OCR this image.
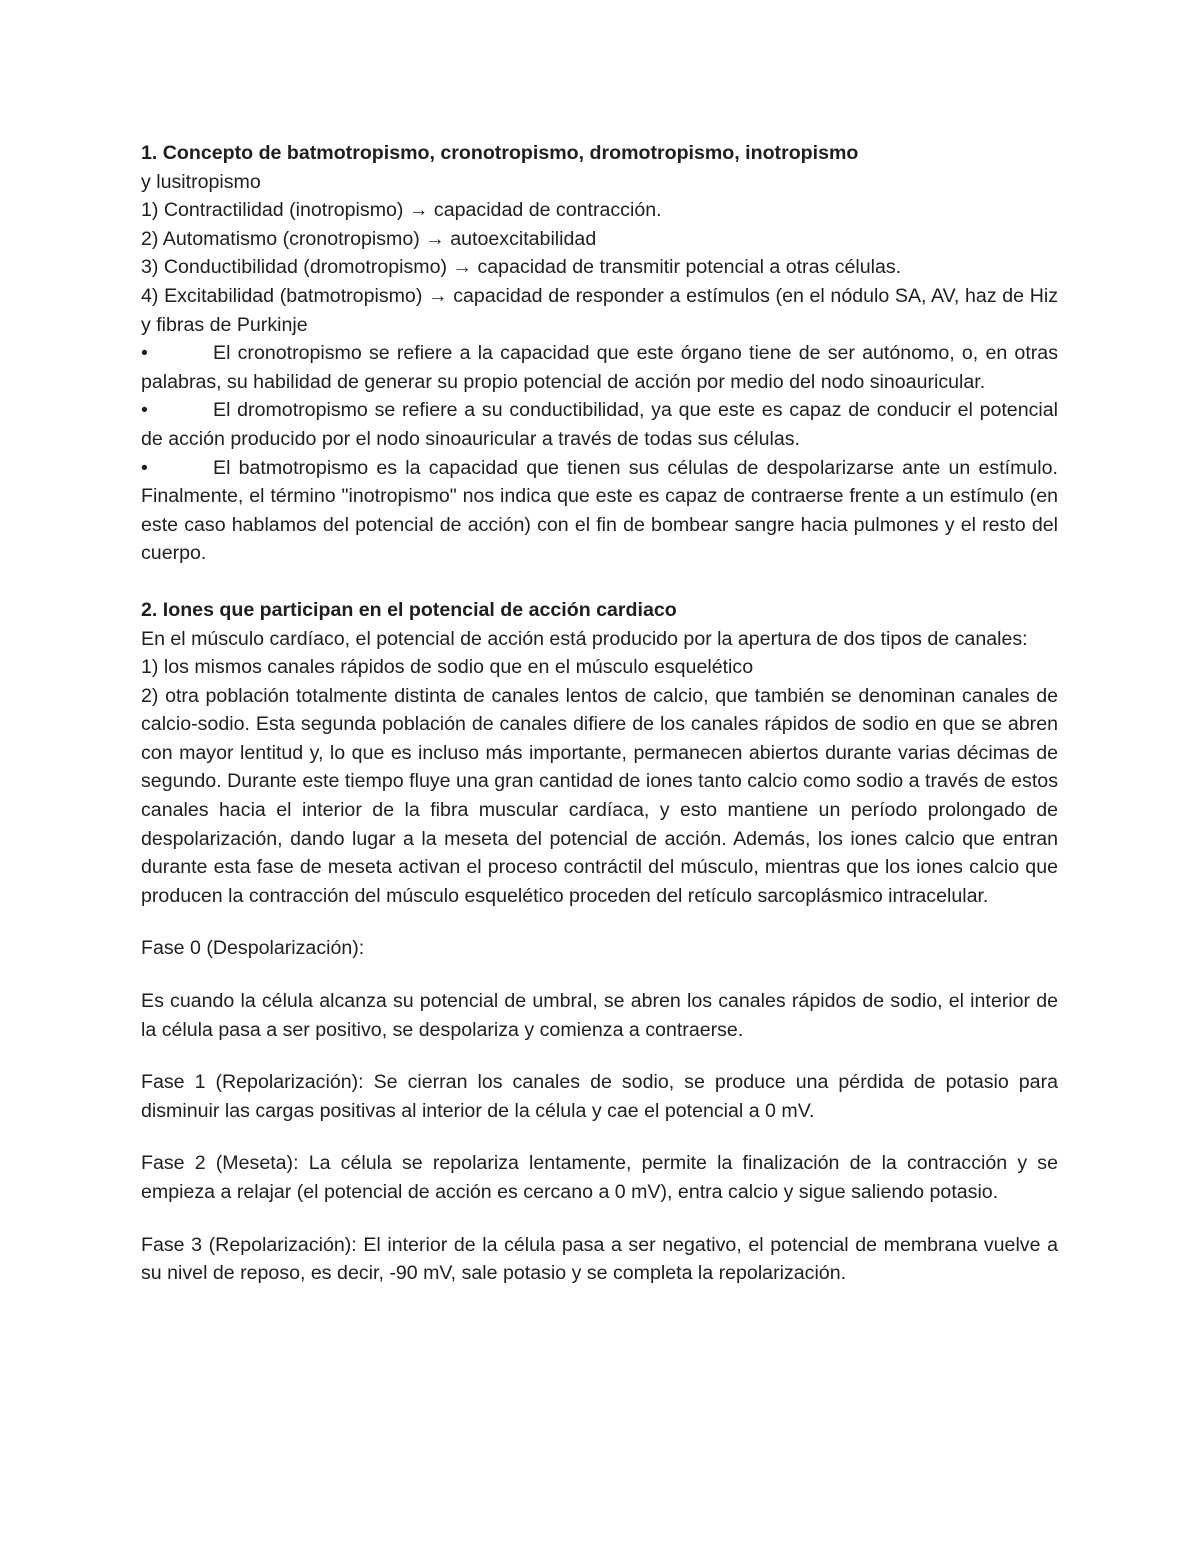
1. Concepto de batmotropismo, cronotropismo, dromotropismo, inotropismo

y lusitropismo

1) Contractilidad (inotropismo) → capacidad de contracción.

2) Automatismo (cronotropismo) → autoexcitabilidad

3) Conductibilidad (dromotropismo) → capacidad de transmitir potencial a otras células.

4) Excitabilidad (batmotropismo) → capacidad de responder a estímulos (en el nódulo SA, AV, haz de Hiz y fibras de Purkinje

•	El cronotropismo se refiere a la capacidad que este órgano tiene de ser autónomo, o, en otras palabras, su habilidad de generar su propio potencial de acción por medio del nodo sinoauricular.

•	El dromotropismo se refiere a su conductibilidad, ya que este es capaz de conducir el potencial de acción producido por el nodo sinoauricular a través de todas sus células.

•	El batmotropismo es la capacidad que tienen sus células de despolarizarse ante un estímulo. Finalmente, el término "inotropismo" nos indica que este es capaz de contraerse frente a un estímulo (en este caso hablamos del potencial de acción) con el fin de bombear sangre hacia pulmones y el resto del cuerpo.

2. Iones que participan en el potencial de acción cardiaco

En el músculo cardíaco, el potencial de acción está producido por la apertura de dos tipos de canales:

1) los mismos canales rápidos de sodio que en el músculo esquelético

2) otra población totalmente distinta de canales lentos de calcio, que también se denominan canales de calcio-sodio. Esta segunda población de canales difiere de los canales rápidos de sodio en que se abren con mayor lentitud y, lo que es incluso más importante, permanecen abiertos durante varias décimas de segundo. Durante este tiempo fluye una gran cantidad de iones tanto calcio como sodio a través de estos canales hacia el interior de la fibra muscular cardíaca, y esto mantiene un período prolongado de despolarización, dando lugar a la meseta del potencial de acción. Además, los iones calcio que entran durante esta fase de meseta activan el proceso contráctil del músculo, mientras que los iones calcio que producen la contracción del músculo esquelético proceden del retículo sarcoplásmico intracelular.

Fase 0 (Despolarización):

Es cuando la célula alcanza su potencial de umbral, se abren los canales rápidos de sodio, el interior de la célula pasa a ser positivo, se despolariza y comienza a contraerse.

Fase 1 (Repolarización): Se cierran los canales de sodio, se produce una pérdida de potasio para disminuir las cargas positivas al interior de la célula y cae el potencial a 0 mV.

Fase 2 (Meseta): La célula se repolariza lentamente, permite la finalización de la contracción y se empieza a relajar (el potencial de acción es cercano a 0 mV), entra calcio y sigue saliendo potasio.

Fase 3 (Repolarización): El interior de la célula pasa a ser negativo, el potencial de membrana vuelve a su nivel de reposo, es decir, -90 mV, sale potasio y se completa la repolarización.
